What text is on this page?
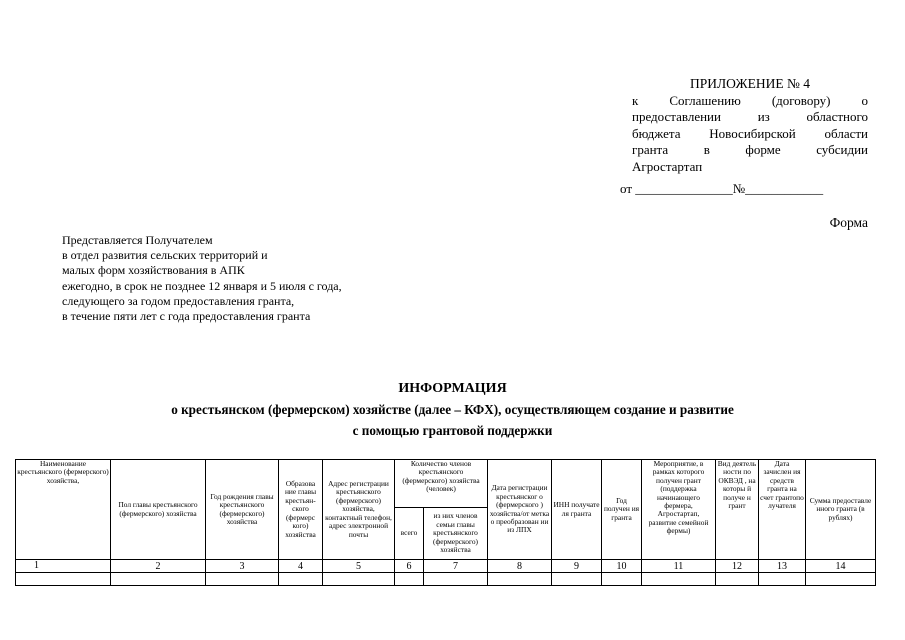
ПРИЛОЖЕНИЕ № 4
к Соглашению (договору) о
предоставлении из областного
бюджета Новосибирской области
гранта в форме субсидии
Агростартап
от _______________№____________
Форма
Представляется Получателем
в отдел развития сельских территорий и
малых форм хозяйствования в АПК
ежегодно, в срок не позднее 12 января и 5 июля с года,
следующего за годом предоставления гранта,
в течение пяти лет с года предоставления гранта
ИНФОРМАЦИЯ
о крестьянском (фермерском) хозяйстве (далее – КФХ), осуществляющем создание и развитие
с помощью грантовой поддержки
Наименование крестьянского (фермерского) хозяйства,	Пол главы крестьянского (фермерского) хозяйства	Год рождения главы крестьянского (фермерского) хозяйства	Образова ние главы крестьян-ского (фермерс кого) хозяйства	Адрес регистрации крестьянского (фермерского) хозяйства, контактный телефон, адрес электронной почты	Количество членов крестьянского (фермерского) хозяйства (человек)		Дата регистрации крестьянског о (фермерского ) хозяйства/от метка о преобразован ии из ЛПХ	ИНН получате ля гранта	Год получен ия гранта	Мероприятие, в рамках которого получен грант (поддержка начинающего фермера, Агростартап, развитие семейной фермы)	Вид деятель ности по ОКВЭД , на которы й получе н грант	Дата зачислен ия средств гранта на счет грантопо лучателя	Сумма предоставле нного гранта (в рублях)
					всего	из них членов семьи главы крестьянского (фермерского) хозяйства							
1	2	3	4	5	6	7	8	9	10	11	12	13	14
